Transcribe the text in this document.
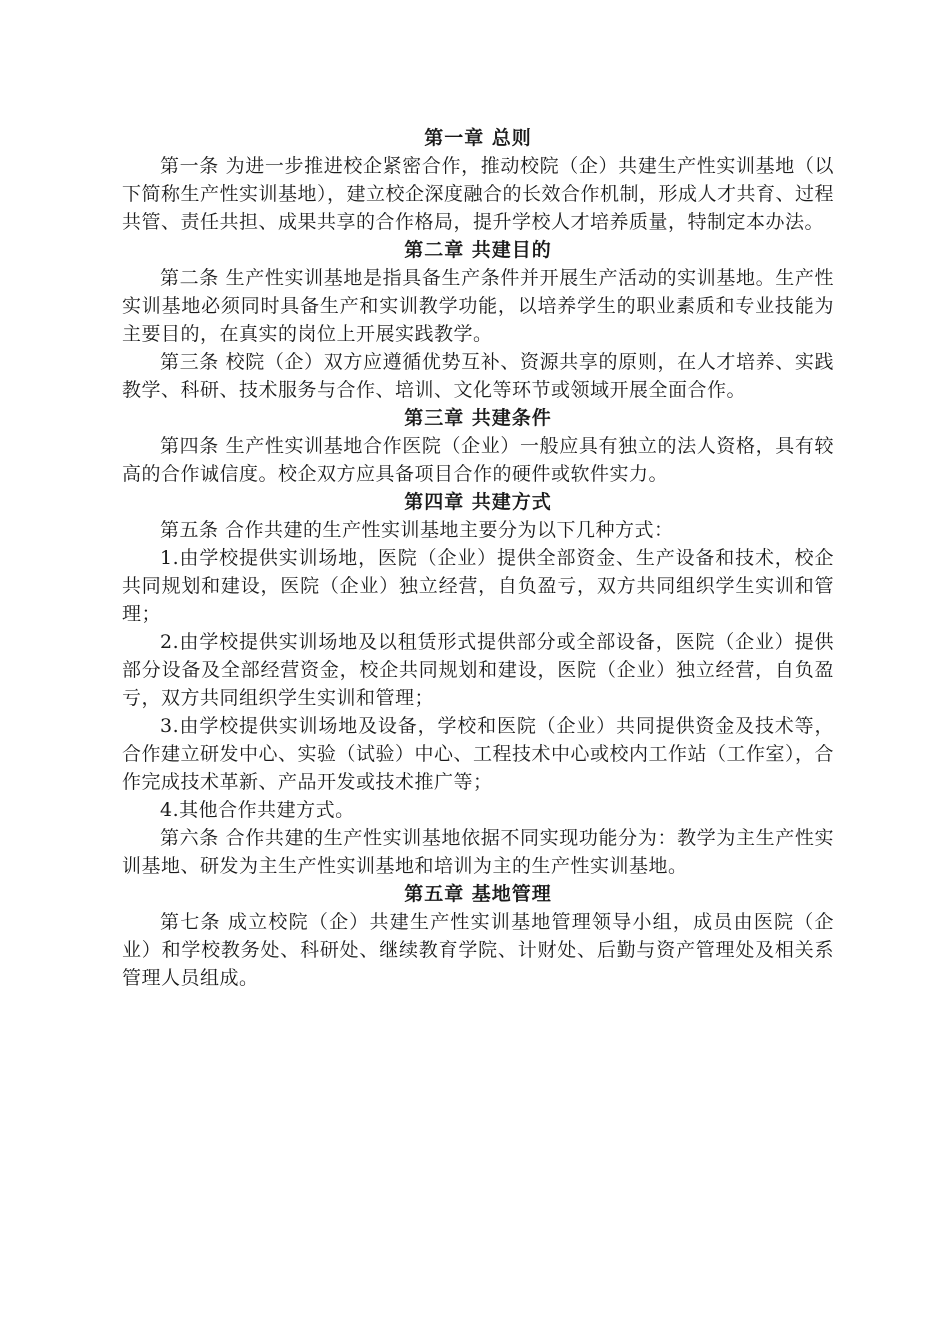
第一章 总则

第一条 为进一步推进校企紧密合作，推动校院（企）共建生产性实训基地（以下简称生产性实训基地），建立校企深度融合的长效合作机制，形成人才共育、过程共管、责任共担、成果共享的合作格局，提升学校人才培养质量，特制定本办法。

第二章 共建目的

第二条 生产性实训基地是指具备生产条件并开展生产活动的实训基地。生产性实训基地必须同时具备生产和实训教学功能，以培养学生的职业素质和专业技能为主要目的，在真实的岗位上开展实践教学。

第三条 校院（企）双方应遵循优势互补、资源共享的原则，在人才培养、实践教学、科研、技术服务与合作、培训、文化等环节或领域开展全面合作。

第三章 共建条件

第四条 生产性实训基地合作医院（企业）一般应具有独立的法人资格，具有较高的合作诚信度。校企双方应具备项目合作的硬件或软件实力。

第四章 共建方式

第五条 合作共建的生产性实训基地主要分为以下几种方式：

1.由学校提供实训场地，医院（企业）提供全部资金、生产设备和技术，校企共同规划和建设，医院（企业）独立经营，自负盈亏，双方共同组织学生实训和管理；

2.由学校提供实训场地及以租赁形式提供部分或全部设备，医院（企业）提供部分设备及全部经营资金，校企共同规划和建设，医院（企业）独立经营，自负盈亏，双方共同组织学生实训和管理；

3.由学校提供实训场地及设备，学校和医院（企业）共同提供资金及技术等，合作建立研发中心、实验（试验）中心、工程技术中心或校内工作站（工作室），合作完成技术革新、产品开发或技术推广等；

4.其他合作共建方式。

第六条 合作共建的生产性实训基地依据不同实现功能分为：教学为主生产性实训基地、研发为主生产性实训基地和培训为主的生产性实训基地。

第五章 基地管理

第七条 成立校院（企）共建生产性实训基地管理领导小组，成员由医院（企业）和学校教务处、科研处、继续教育学院、计财处、后勤与资产管理处及相关系管理人员组成。
